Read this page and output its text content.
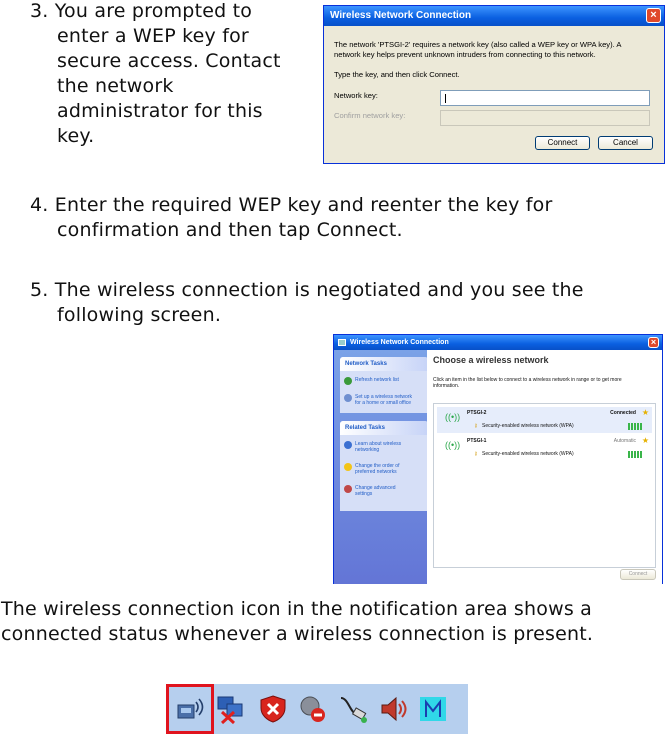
3. You are prompted to
enter a WEP key for
secure access. Contact
the network
administrator for this
key.
Wireless Network Connection	×
The network 'PTSGI-2' requires a network key (also called a WEP key or WPA key). A
network key helps prevent unknown intruders from connecting to this network.
Type the key, and then click Connect.
Network key:
Confirm network key:
Connect	Cancel
4. Enter the required WEP key and reenter the key for
confirmation and then tap Connect.
5. The wireless connection is negotiated and you see the
following screen.
Wireless Network Connection	×
Network Tasks
Refresh network list
Set up a wireless network
for a home or small office
Related Tasks
Learn about wireless
networking
Change the order of
preferred networks
Change advanced
settings
Choose a wireless network
Click an item in the list below to connect to a wireless network in range or to get more
information.
((•)) PTSGI-2	Connected ★
⚷ Security-enabled wireless network (WPA)
((•)) PTSGI-1	Automatic ★
⚷ Security-enabled wireless network (WPA)
Connect
The wireless connection icon in the notification area shows a
connected status whenever a wireless connection is present.
